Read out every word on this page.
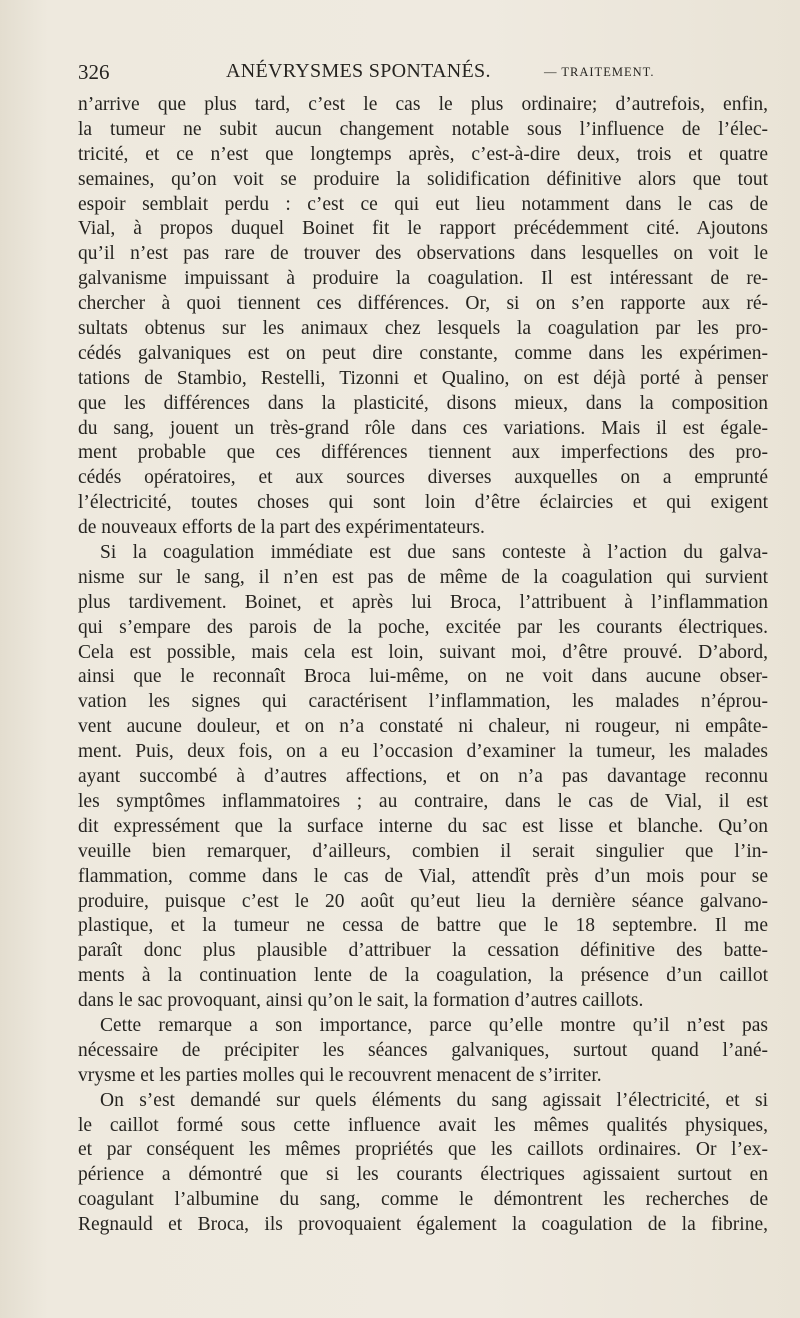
326	ANÉVRYSMES SPONTANÉS.	— TRAITEMENT.
n’arrive que plus tard, c’est le cas le plus ordinaire; d’autrefois, enfin,
la tumeur ne subit aucun changement notable sous l’influence de l’élec-
tricité, et ce n’est que longtemps après, c’est-à-dire deux, trois et quatre
semaines, qu’on voit se produire la solidification définitive alors que tout
espoir semblait perdu : c’est ce qui eut lieu notamment dans le cas de
Vial, à propos duquel Boinet fit le rapport précédemment cité. Ajoutons
qu’il n’est pas rare de trouver des observations dans lesquelles on voit le
galvanisme impuissant à produire la coagulation. Il est intéressant de re-
chercher à quoi tiennent ces différences. Or, si on s’en rapporte aux ré-
sultats obtenus sur les animaux chez lesquels la coagulation par les pro-
cédés galvaniques est on peut dire constante, comme dans les expérimen-
tations de Stambio, Restelli, Tizonni et Qualino, on est déjà porté à penser
que les différences dans la plasticité, disons mieux, dans la composition
du sang, jouent un très-grand rôle dans ces variations. Mais il est égale-
ment probable que ces différences tiennent aux imperfections des pro-
cédés opératoires, et aux sources diverses auxquelles on a emprunté
l’électricité, toutes choses qui sont loin d’être éclaircies et qui exigent
de nouveaux efforts de la part des expérimentateurs.
Si la coagulation immédiate est due sans conteste à l’action du galva-
nisme sur le sang, il n’en est pas de même de la coagulation qui survient
plus tardivement. Boinet, et après lui Broca, l’attribuent à l’inflammation
qui s’empare des parois de la poche, excitée par les courants électriques.
Cela est possible, mais cela est loin, suivant moi, d’être prouvé. D’abord,
ainsi que le reconnaît Broca lui-même, on ne voit dans aucune obser-
vation les signes qui caractérisent l’inflammation, les malades n’éprou-
vent aucune douleur, et on n’a constaté ni chaleur, ni rougeur, ni empâte-
ment. Puis, deux fois, on a eu l’occasion d’examiner la tumeur, les malades
ayant succombé à d’autres affections, et on n’a pas davantage reconnu
les symptômes inflammatoires ; au contraire, dans le cas de Vial, il est
dit expressément que la surface interne du sac est lisse et blanche. Qu’on
veuille bien remarquer, d’ailleurs, combien il serait singulier que l’in-
flammation, comme dans le cas de Vial, attendît près d’un mois pour se
produire, puisque c’est le 20 août qu’eut lieu la dernière séance galvano-
plastique, et la tumeur ne cessa de battre que le 18 septembre. Il me
paraît donc plus plausible d’attribuer la cessation définitive des batte-
ments à la continuation lente de la coagulation, la présence d’un caillot
dans le sac provoquant, ainsi qu’on le sait, la formation d’autres caillots.
Cette remarque a son importance, parce qu’elle montre qu’il n’est pas
nécessaire de précipiter les séances galvaniques, surtout quand l’ané-
vrysme et les parties molles qui le recouvrent menacent de s’irriter.
On s’est demandé sur quels éléments du sang agissait l’électricité, et si
le caillot formé sous cette influence avait les mêmes qualités physiques,
et par conséquent les mêmes propriétés que les caillots ordinaires. Or l’ex-
périence a démontré que si les courants électriques agissaient surtout en
coagulant l’albumine du sang, comme le démontrent les recherches de
Regnauld et Broca, ils provoquaient également la coagulation de la fibrine,
